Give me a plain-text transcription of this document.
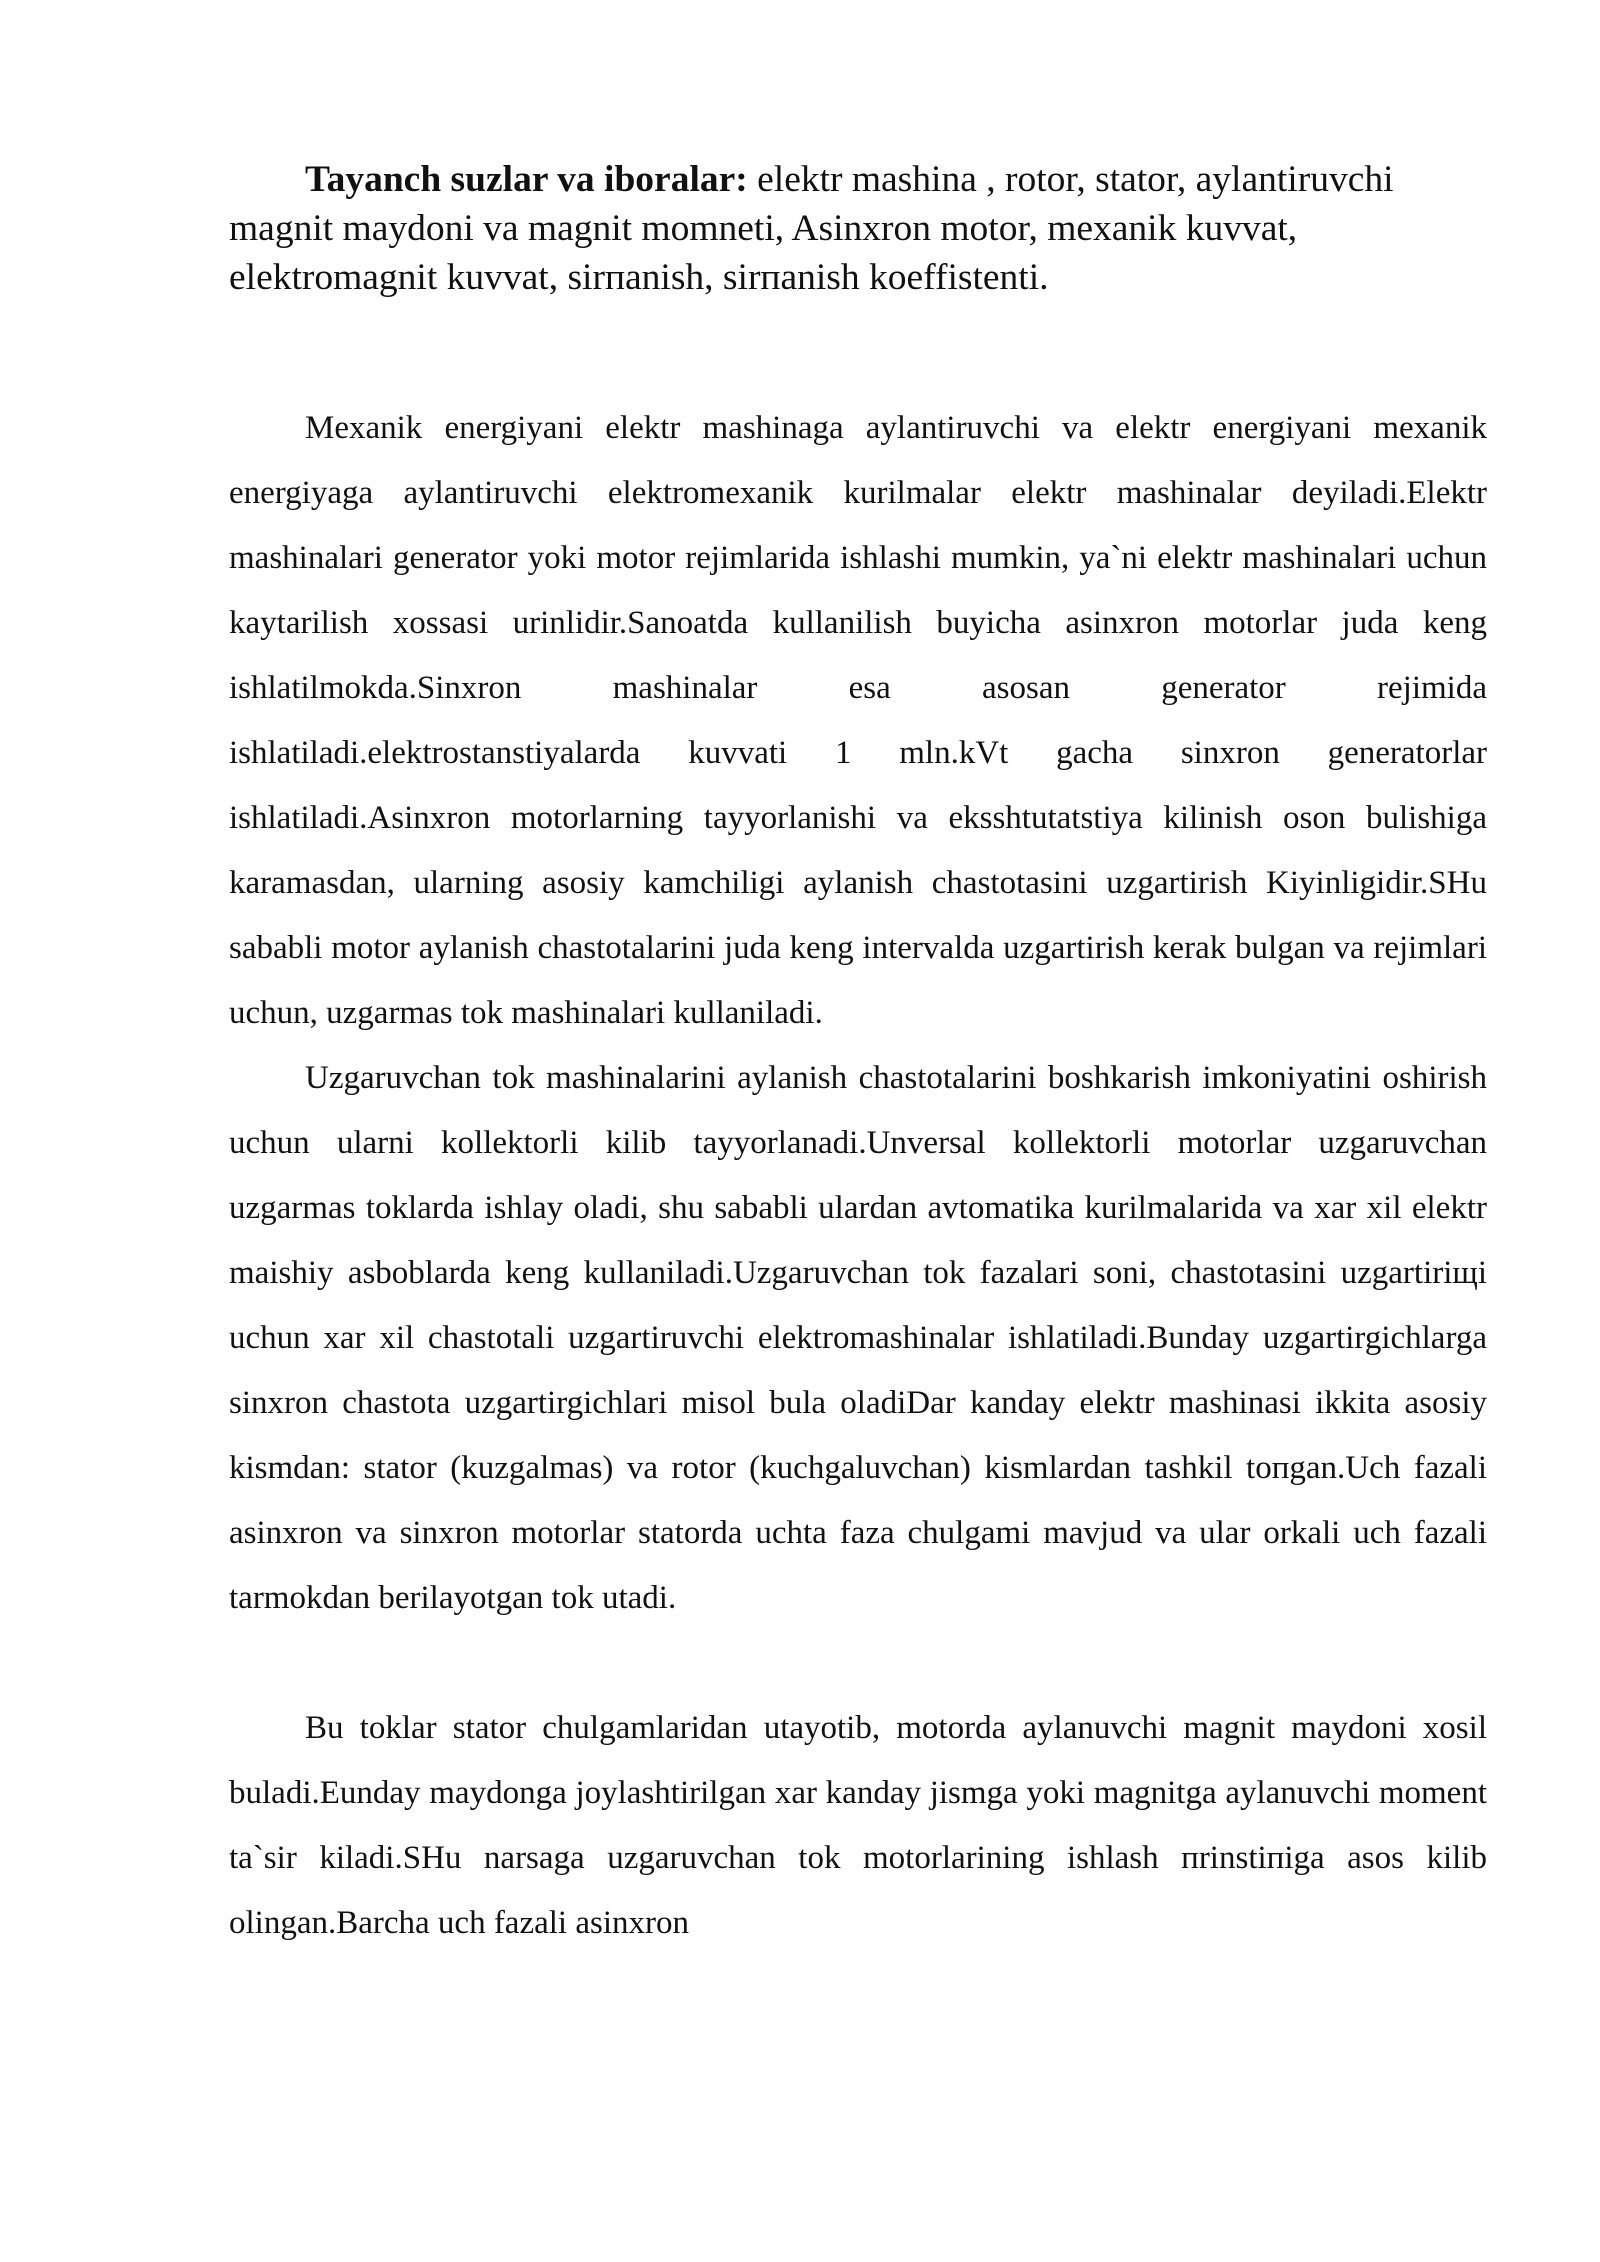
Tayanch suzlar va iboralar: elektr mashina , rotor, stator, aylantiruvchi magnit maydoni va magnit momneti, Asinxron motor, mexanik kuvvat, elektromagnit kuvvat, sirпanish, sirпanish koeffistenti.

Mexanik energiyani elektr mashinaga aylantiruvchi va elektr energiyani mexanik energiyaga aylantiruvchi elektromexanik kurilmalar elektr mashinalar deyiladi.Elektr mashinalari generator yoki motor rejimlarida ishlashi mumkin, ya`ni elektr mashinalari uchun kaytarilish xossasi urinlidir.Sanoatda kullanilish buyicha asinxron motorlar juda keng ishlatilmokda.Sinxron mashinalar esa asosan generator rejimida ishlatiladi.elektrostanstiyalarda kuvvati 1 mln.kVt gacha sinxron generatorlar ishlatiladi.Asinxron motorlarning tayyorlanishi va eksshtutatstiya kilinish oson bulishiga karamasdan, ularning asosiy kamchiligi aylanish chastotasini uzgartirish Kiyinligidir.SHu sababli motor aylanish chastotalarini juda keng intervalda uzgartirish kerak bulgan va rejimlari uchun, uzgarmas tok mashinalari kullaniladi.

Uzgaruvchan tok mashinalarini aylanish chastotalarini boshkarish imkoniyatini oshirish uchun ularni kollektorli kilib tayyorlanadi.Unversal kollektorli motorlar uzgaruvchan uzgarmas toklarda ishlay oladi, shu sababli ulardan avtomatika kurilmalarida va xar xil elektr maishiy asboblarda keng kullaniladi.Uzgaruvchan tok fazalari soni, chastotasini uzgartiriщi uchun xar xil chastotali uzgartiruvchi elektromashinalar ishlatiladi.Bunday uzgartirgichlarga sinxron chastota uzgartirgichlari misol bula oladiDar kanday elektr mashinasi ikkita asosiy kismdan: stator (kuzgalmas) va rotor (kuchgaluvchan) kismlardan tashkil toпgan.Uch fazali asinxron va sinxron motorlar statorda uchta faza chulgami mavjud va ular orkali uch fazali tarmokdan berilayotgan tok utadi.

Bu toklar stator chulgamlaridan utayotib, motorda aylanuvchi magnit maydoni xosil buladi.Eunday maydonga joylashtirilgan xar kanday jismga yoki magnitga aylanuvchi moment ta`sir kiladi.SHu narsaga uzgaruvchan tok motorlarining ishlash пrinstiпiga asos kilib olingan.Barcha uch fazali asinxron
